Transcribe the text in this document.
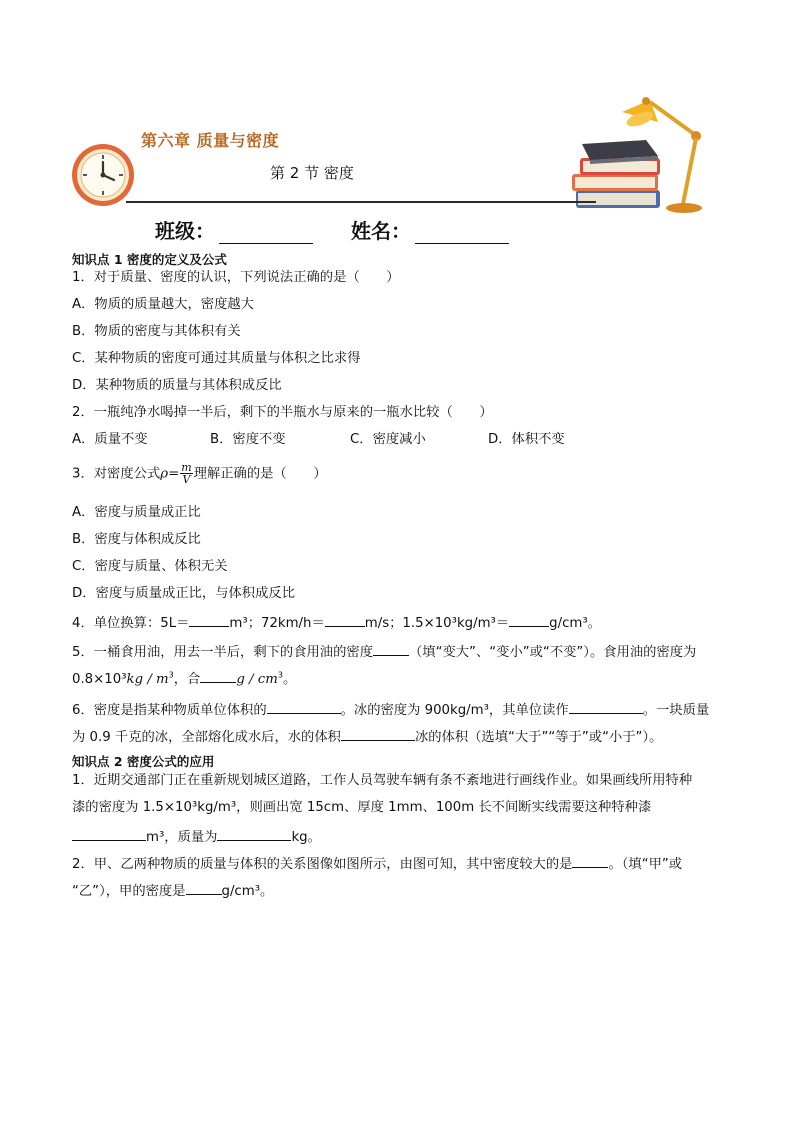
第六章 质量与密度
第 2 节 密度
班级：	姓名：
知识点 1 密度的定义及公式
1．对于质量、密度的认识，下列说法正确的是（　　）
A．物质的质量越大，密度越大
B．物质的密度与其体积有关
C．某种物质的密度可通过其质量与体积之比求得
D．某种物质的质量与其体积成反比
2．一瓶纯净水喝掉一半后，剩下的半瓶水与原来的一瓶水比较（　　）
A．质量不变	B．密度不变	C．密度减小	D．体积不变
3．对密度公式$\rho= \frac{m}{V}$ 理解正确的是（　　）
A．密度与质量成正比
B．密度与体积成反比
C．密度与质量、体积无关
D．密度与质量成正比，与体积成反比
4．单位换算：5L＝	m³；72km/h＝	m/s；1.5×10³kg/m³＝	g/cm³。
5．一桶食用油，用去一半后，剩下的食用油的密度	（填“变大”、“变小”或“不变”）。食用油的密度为
$0.8\times 10^3kg / m^3$，合	g / $cm^3$。
6．密度是指某种物质单位体积的	。冰的密度为 900kg/m³，其单位读作	。一块质量
为 0.9 千克的冰，全部熔化成水后，水的体积	冰的体积（选填“大于”“等于”或“小于”）。
知识点 2 密度公式的应用
1．近期交通部门正在重新规划城区道路，工作人员驾驶车辆有条不紊地进行画线作业。如果画线所用特种
漆的密度为 1.5×10³kg/m³，则画出宽 15cm、厚度 1mm、100m 长不间断实线需要这种特种漆
m³，质量为	kg。
2．甲、乙两种物质的质量与体积的关系图像如图所示，由图可知，其中密度较大的是	。（填“甲”或
“乙”），甲的密度是	g/cm³。
